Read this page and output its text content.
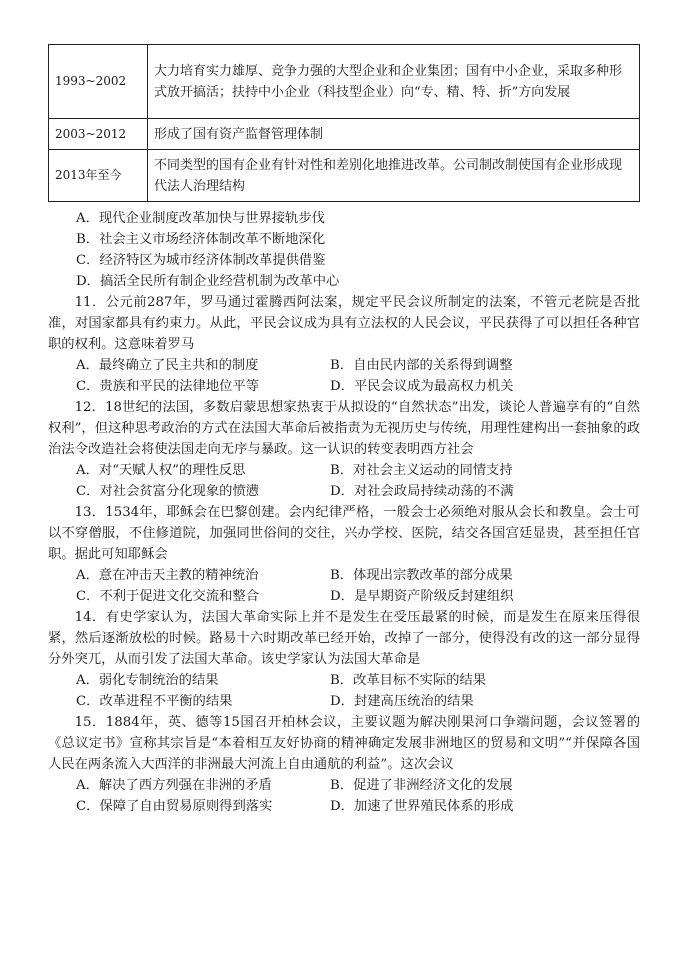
1993~2002	大力培育实力雄厚、竞争力强的大型企业和企业集团；国有中小企业，采取多种形式放开搞活；扶持中小企业（科技型企业）向“专、精、特、折”方向发展
2003~2012	形成了国有资产监督管理体制
2013年至今	不同类型的国有企业有针对性和差别化地推进改革。公司制改制使国有企业形成现代法人治理结构
A．现代企业制度改革加快与世界接轨步伐
B．社会主义市场经济体制改革不断地深化
C．经济特区为城市经济体制改革提供借鉴
D．搞活全民所有制企业经营机制为改革中心
11．公元前287年，罗马通过霍腾西阿法案，规定平民会议所制定的法案，不管元老院是否批准，对国家都具有约束力。从此，平民会议成为具有立法权的人民会议，平民获得了可以担任各种官职的权利。这意味着罗马
A．最终确立了民主共和的制度	B．自由民内部的关系得到调整
C．贵族和平民的法律地位平等	D．平民会议成为最高权力机关
12．18世纪的法国，多数启蒙思想家热衷于从拟设的“自然状态”出发，谈论人普遍享有的“自然权利”，但这种思考政治的方式在法国大革命后被指责为无视历史与传统，用理性建构出一套抽象的政治法令改造社会将使法国走向无序与暴政。这一认识的转变表明西方社会
A．对“天赋人权”的理性反思	B．对社会主义运动的同情支持
C．对社会贫富分化现象的愤懑	D．对社会政局持续动荡的不满
13．1534年，耶稣会在巴黎创建。会内纪律严格，一般会士必须绝对服从会长和教皇。会士可以不穿僧服，不住修道院，加强同世俗间的交往，兴办学校、医院，结交各国宫廷显贵，甚至担任官职。据此可知耶稣会
A．意在冲击天主教的精神统治	B．体现出宗教改革的部分成果
C．不利于促进文化交流和整合	D．是早期资产阶级反封建组织
14．有史学家认为，法国大革命实际上并不是发生在受压最紧的时候，而是发生在原来压得很紧，然后逐渐放松的时候。路易十六时期改革已经开始，改掉了一部分，使得没有改的这一部分显得分外突兀，从而引发了法国大革命。该史学家认为法国大革命是
A．弱化专制统治的结果	B．改革目标不实际的结果
C．改革进程不平衡的结果	D．封建高压统治的结果
15．1884年，英、德等15国召开柏林会议，主要议题为解决刚果河口争端问题，会议签署的《总议定书》宣称其宗旨是“本着相互友好协商的精神确定发展非洲地区的贸易和文明”“并保障各国人民在两条流入大西洋的非洲最大河流上自由通航的利益”。这次会议
A．解决了西方列强在非洲的矛盾	B．促进了非洲经济文化的发展
C．保障了自由贸易原则得到落实	D．加速了世界殖民体系的形成
